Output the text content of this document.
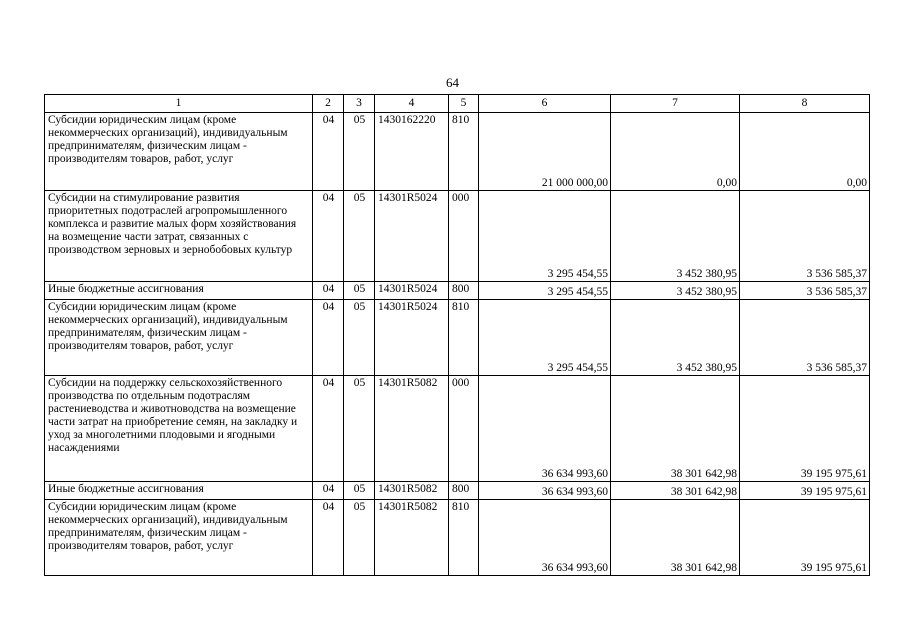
64
1	2	3	4	5	6	7	8
Субсидии юридическим лицам (кроме некоммерческих организаций), индивидуальным предпринимателям, физическим лицам - производителям товаров, работ, услуг	04	05	1430162220	810	21 000 000,00	0,00	0,00
Субсидии на стимулирование развития приоритетных подотраслей агропромышленного комплекса и развитие малых форм хозяйствования на возмещение части затрат, связанных с производством зерновых и зернобобовых культур	04	05	14301R5024	000	3 295 454,55	3 452 380,95	3 536 585,37
Иные бюджетные ассигнования	04	05	14301R5024	800	3 295 454,55	3 452 380,95	3 536 585,37
Субсидии юридическим лицам (кроме некоммерческих организаций), индивидуальным предпринимателям, физическим лицам - производителям товаров, работ, услуг	04	05	14301R5024	810	3 295 454,55	3 452 380,95	3 536 585,37
Субсидии на поддержку сельскохозяйственного производства по отдельным подотраслям растениеводства и животноводства на возмещение части затрат на приобретение семян, на закладку и уход за многолетними плодовыми и ягодными насаждениями	04	05	14301R5082	000	36 634 993,60	38 301 642,98	39 195 975,61
Иные бюджетные ассигнования	04	05	14301R5082	800	36 634 993,60	38 301 642,98	39 195 975,61
Субсидии юридическим лицам (кроме некоммерческих организаций), индивидуальным предпринимателям, физическим лицам - производителям товаров, работ, услуг	04	05	14301R5082	810	36 634 993,60	38 301 642,98	39 195 975,61
